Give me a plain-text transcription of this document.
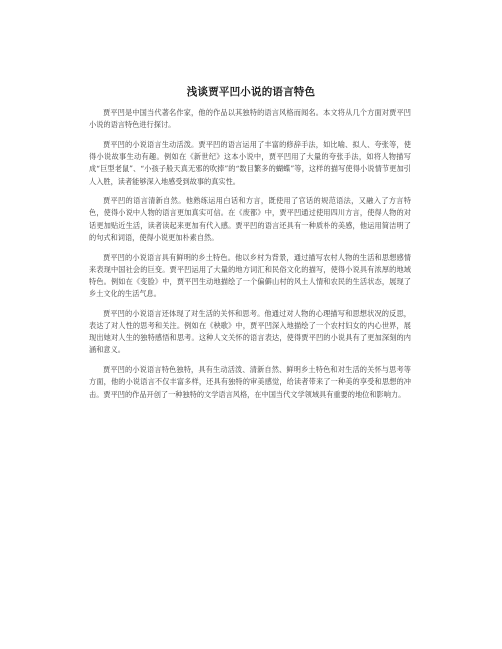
浅谈贾平凹小说的语言特色

贾平凹是中国当代著名作家，他的作品以其独特的语言风格而闻名。本文将从几个方面对贾平凹小说的语言特色进行探讨。

贾平凹的小说语言生动活泼。贾平凹的语言运用了丰富的修辞手法，如比喻、拟人、夸张等，使得小说故事生动有趣。例如在《新世纪》这本小说中，贾平凹用了大量的夸张手法，如将人物描写成“巨型老鼠”、“小孩子般天真无邪的吹捧”的“数目繁多的蝴蝶”等，这样的描写使得小说情节更加引人入胜，读者能够深入地感受到故事的真实性。

贾平凹的语言清新自然。他熟练运用白话和方言，既使用了官话的规范语法，又融入了方言特色，使得小说中人物的语言更加真实可信。在《废都》中，贾平凹通过使用四川方言，使得人物的对话更加贴近生活，读者读起来更加有代入感。贾平凹的语言还具有一种质朴的美感，他运用简洁明了的句式和词语，使得小说更加朴素自然。

贾平凹的小说语言具有鲜明的乡土特色。他以乡村为背景，通过描写农村人物的生活和思想感情来表现中国社会的巨变。贾平凹运用了大量的地方词汇和民俗文化的描写，使得小说具有浓厚的地域特色。例如在《变脸》中，贾平凹生动地描绘了一个偏僻山村的风土人情和农民的生活状态，展现了乡土文化的生活气息。

贾平凹的小说语言还体现了对生活的关怀和思考。他通过对人物的心理描写和思想状况的反思，表达了对人性的思考和关注。例如在《秧歌》中，贾平凹深入地描绘了一个农村妇女的内心世界，展现出她对人生的独特感悟和思考。这种人文关怀的语言表达，使得贾平凹的小说具有了更加深刻的内涵和意义。

贾平凹的小说语言特色独特，具有生动活泼、清新自然、鲜明乡土特色和对生活的关怀与思考等方面，他的小说语言不仅丰富多样，还具有独特的审美感觉，给读者带来了一种美的享受和思想的冲击。贾平凹的作品开创了一种独特的文学语言风格，在中国当代文学领域具有重要的地位和影响力。
